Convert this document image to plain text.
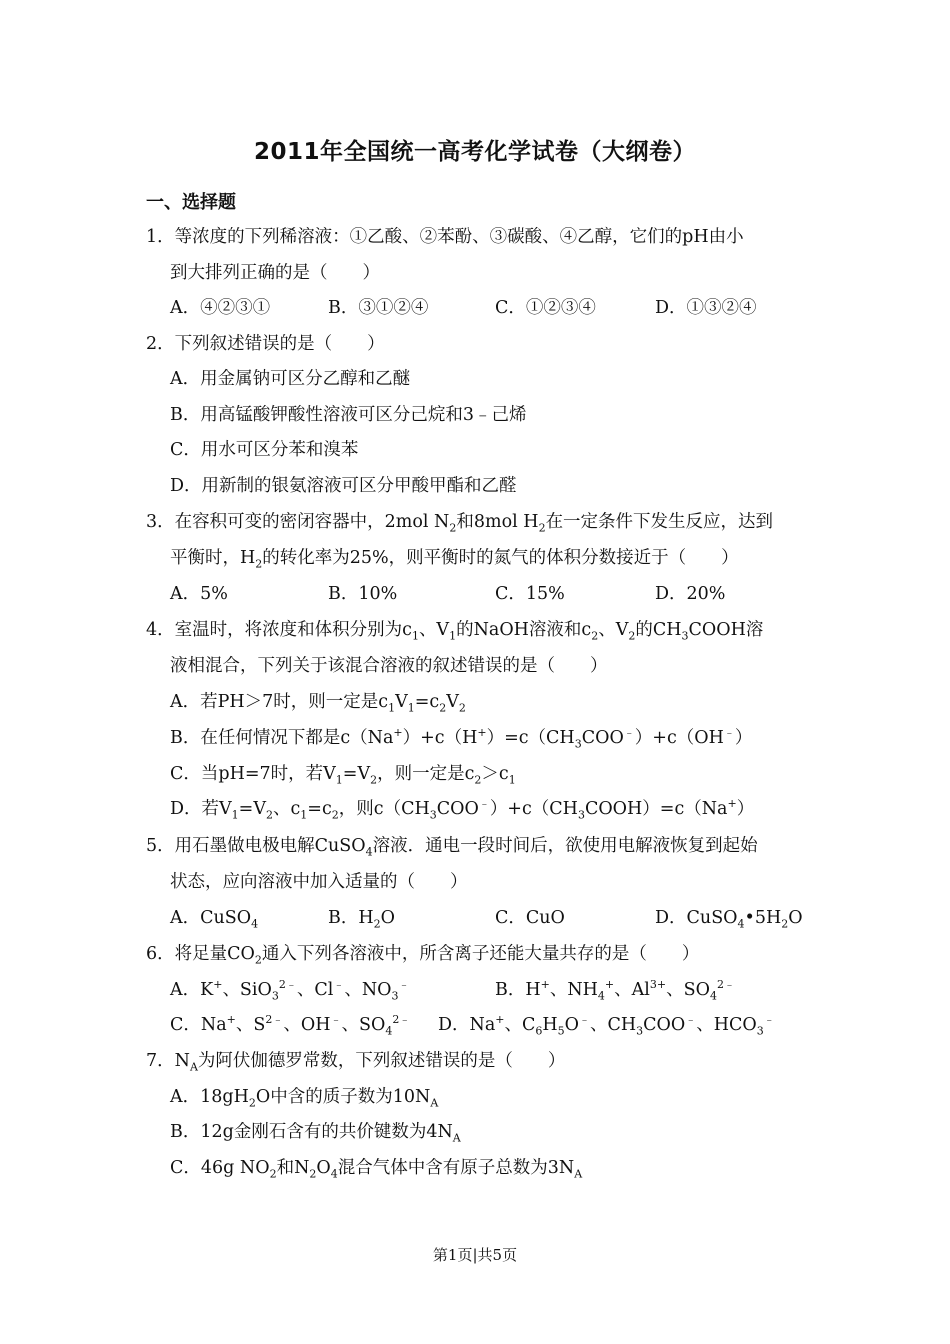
2011年全国统一高考化学试卷（大纲卷）
一、选择题
1．等浓度的下列稀溶液：①乙酸、②苯酚、③碳酸、④乙醇，它们的pH由小
到大排列正确的是（　　）
A．④②③①	B．③①②④	C．①②③④	D．①③②④
2．下列叙述错误的是（　　）
A．用金属钠可区分乙醇和乙醚
B．用高锰酸钾酸性溶液可区分己烷和3﹣己烯
C．用水可区分苯和溴苯
D．用新制的银氨溶液可区分甲酸甲酯和乙醛
3．在容积可变的密闭容器中，2mol $N_2$和8mol $H_2$在一定条件下发生反应，达到
平衡时，$H_2$的转化率为25%，则平衡时的氮气的体积分数接近于（　　）
A．5%	B．10%	C．15%	D．20%
4．室温时，将浓度和体积分别为$c_1$、$V_1$的NaOH溶液和$c_2$、$V_2$的$CH_3COOH$溶
液相混合，下列关于该混合溶液的叙述错误的是（　　）
A．若PH＞7时，则一定是$c_1V_1=c_2V_2$
B．在任何情况下都是$c(Na^+)+c(H^+)=c(CH_3COO^﹣)+c(OH^﹣)$
C．当pH=7时，若$V_1=V_2$，则一定是$c_2>c_1$
D．若$V_1=V_2$、$c_1=c_2$，则$c(CH_3COO^﹣)+c(CH_3COOH)=c(Na^+)$
5．用石墨做电极电解CuSO$_4$溶液．通电一段时间后，欲使用电解液恢复到起始
状态，应向溶液中加入适量的（　　）
A．CuSO$_4$	B．$H_2O$	C．CuO	D．$CuSO_4•5H_2O$
6．将足量$CO_2$通入下列各溶液中，所含离子还能大量共存的是（　　）
A．K+、SiO$_3^{2﹣}$、Cl﹣、$NO_3^﹣$	B．H+、$NH_4^+$、$Al^{3+}$、$SO_4^{2﹣}$
C．Na+、$S^{2﹣}$、OH﹣、$SO_4^{2﹣}$ D．Na+、$C_6H_5O^﹣$、$CH_3COO^﹣$、$HCO_3^﹣$
7．$N_A$为阿伏伽德罗常数，下列叙述错误的是（　　）
A．$18gH_2O$中含的质子数为$10N_A$
B．12g金刚石含有的共价键数为$4N_A$
C．46g $NO_2$和$N_2O_4$混合气体中含有原子总数为$3N_A$
第1页|共5页
